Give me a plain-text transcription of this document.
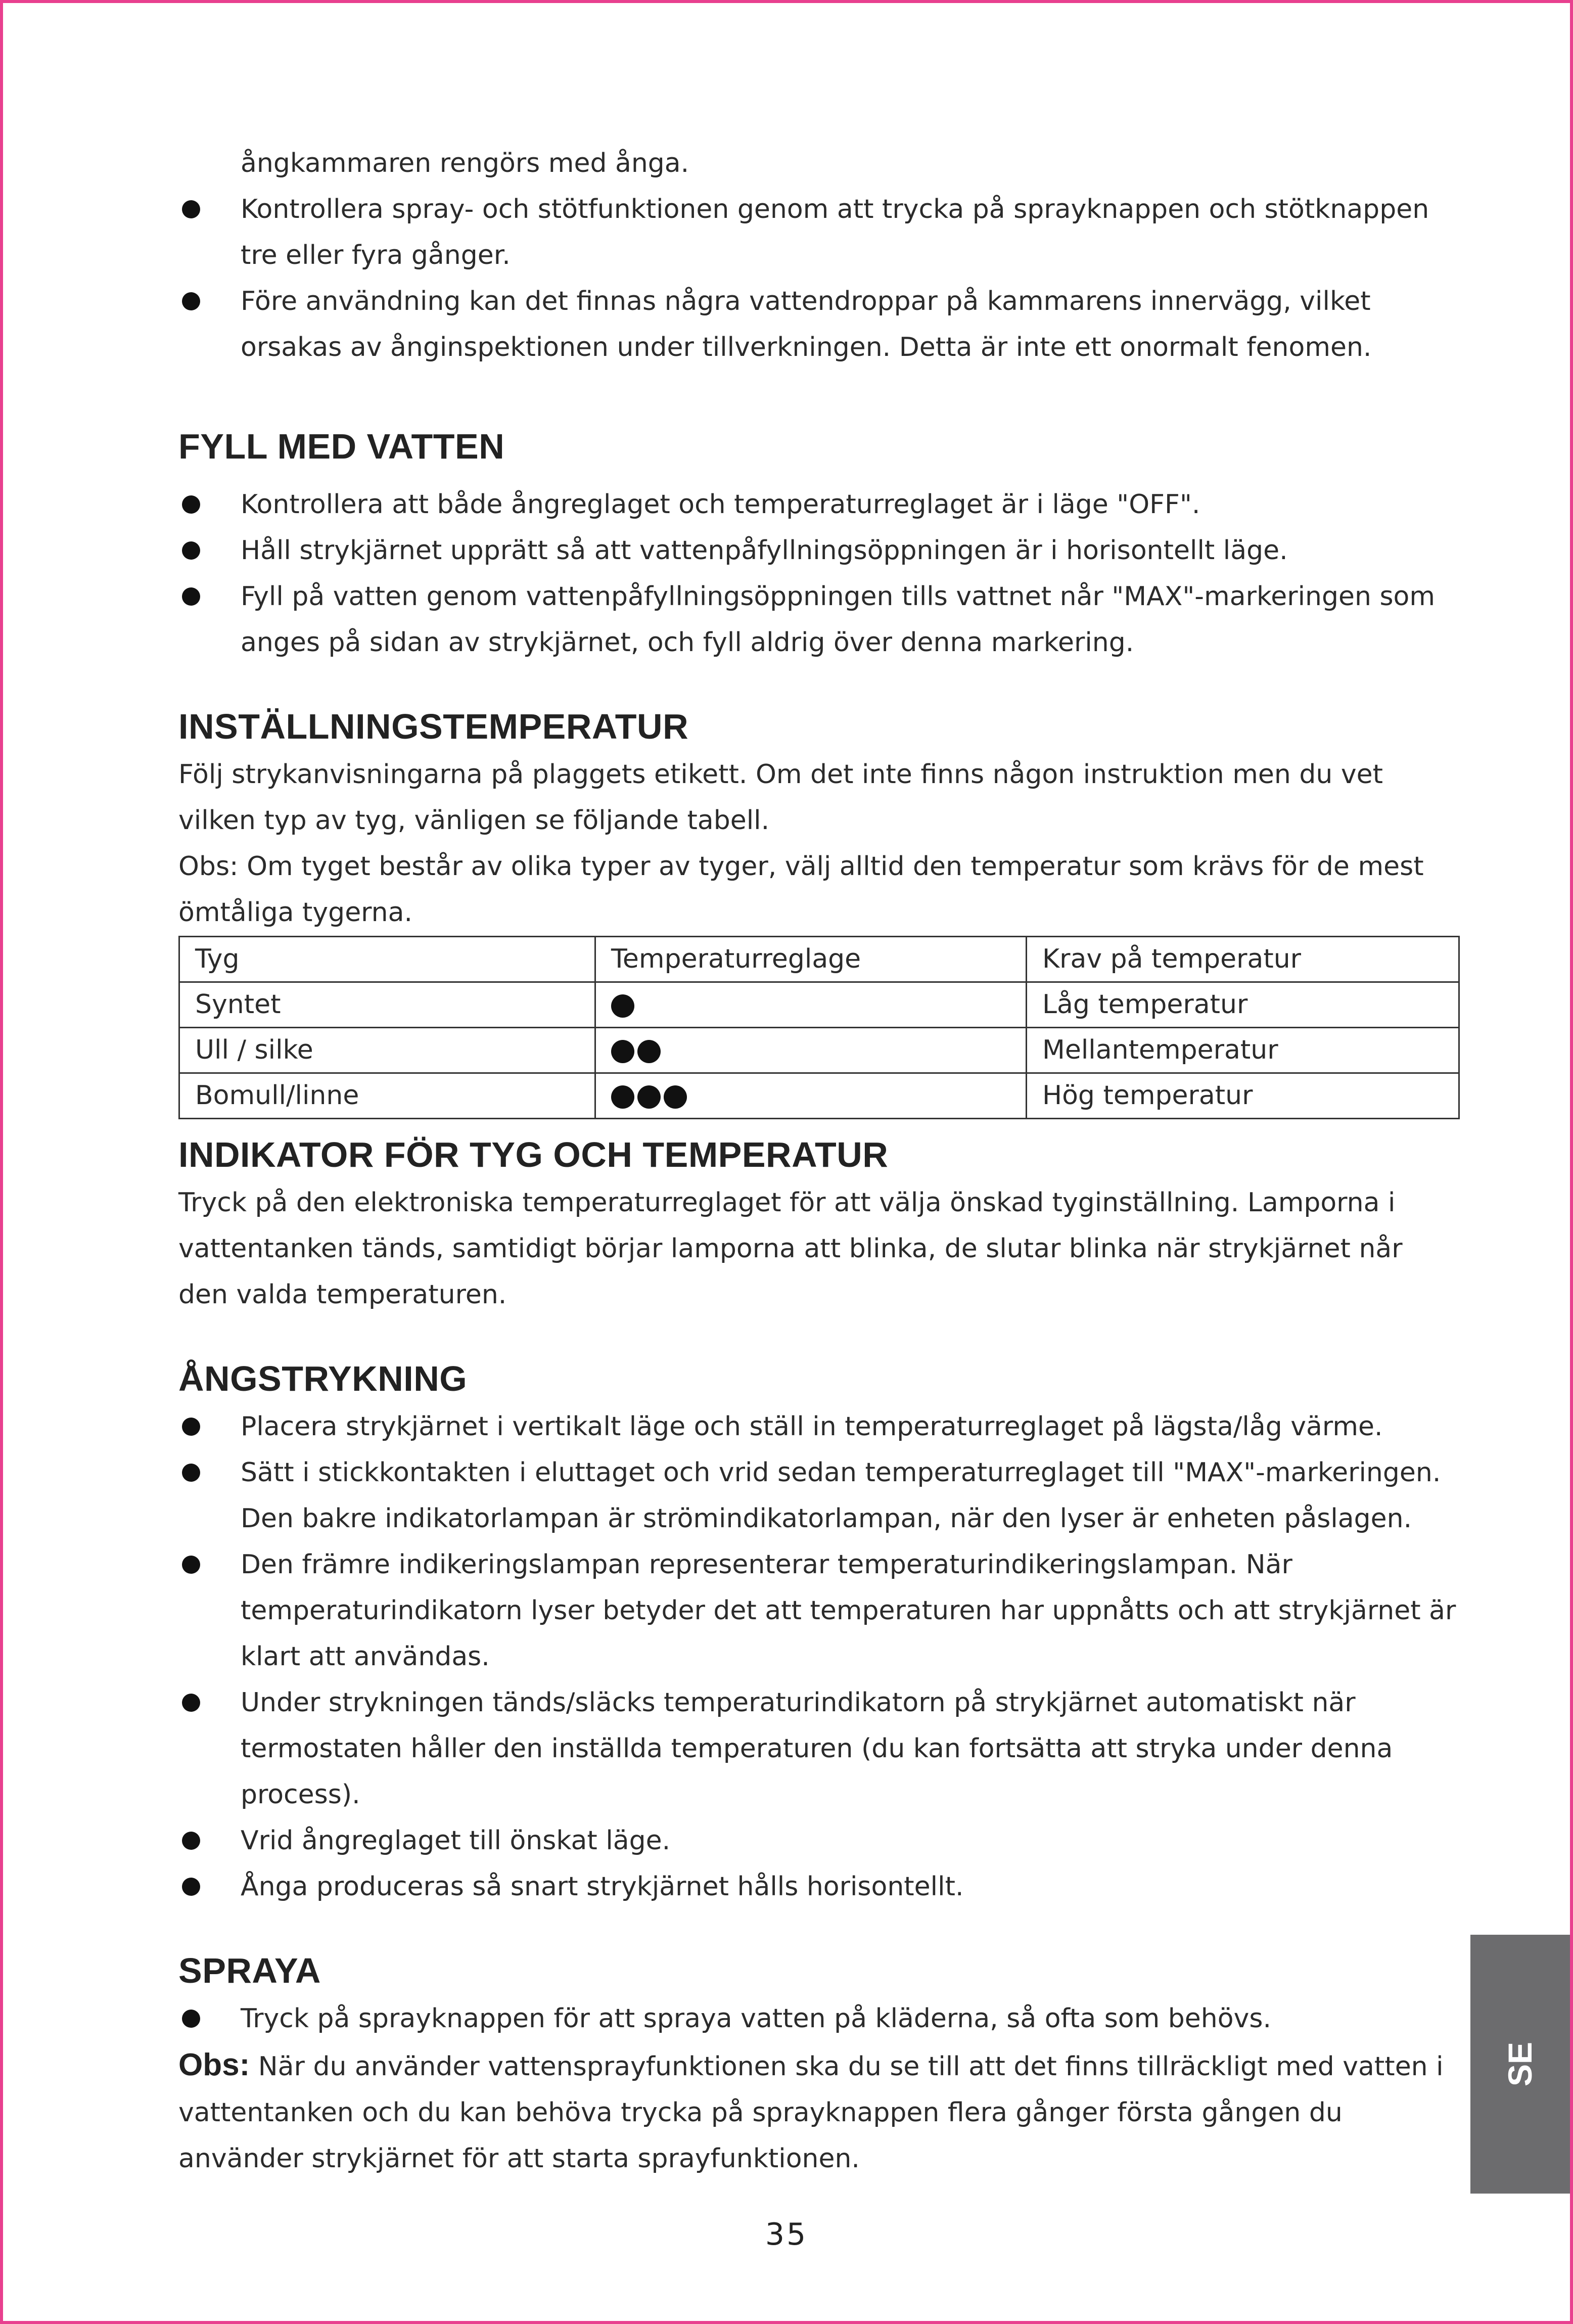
ångkammaren rengörs med ånga.

Kontrollera spray- och stötfunktionen genom att trycka på sprayknappen och stötknappen tre eller fyra gånger.
Före användning kan det finnas några vattendroppar på kammarens innervägg, vilket orsakas av ånginspektionen under tillverkningen. Detta är inte ett onormalt fenomen.
FYLL MED VATTEN
Kontrollera att både ångreglaget och temperaturreglaget är i läge "OFF".
Håll strykjärnet upprätt så att vattenpåfyllningsöppningen är i horisontellt läge.
Fyll på vatten genom vattenpåfyllningsöppningen tills vattnet når "MAX"-markeringen som anges på sidan av strykjärnet, och fyll aldrig över denna markering.
INSTÄLLNINGSTEMPERATUR

Följ strykanvisningarna på plaggets etikett. Om det inte finns någon instruktion men du vet vilken typ av tyg, vänligen se följande tabell.

Obs: Om tyget består av olika typer av tyger, välj alltid den temperatur som krävs för de mest ömtåliga tygerna.

Tyg	Temperaturreglage	Krav på temperatur
Syntet		Låg temperatur
Ull / silke		Mellantemperatur
Bomull/linne		Hög temperatur
INDIKATOR FÖR TYG OCH TEMPERATUR

Tryck på den elektroniska temperaturreglaget för att välja önskad tyginställning. Lamporna i vattentanken tänds, samtidigt börjar lamporna att blinka, de slutar blinka när strykjärnet når den valda temperaturen.

ÅNGSTRYKNING
Placera strykjärnet i vertikalt läge och ställ in temperaturreglaget på lägsta/låg värme.
Sätt i stickkontakten i eluttaget och vrid sedan temperaturreglaget till "MAX"-markeringen. Den bakre indikatorlampan är strömindikatorlampan, när den lyser är enheten påslagen.
Den främre indikeringslampan representerar temperaturindikeringslampan. När temperaturindikatorn lyser betyder det att temperaturen har uppnåtts och att strykjärnet är klart att användas.
Under strykningen tänds/släcks temperaturindikatorn på strykjärnet automatiskt när termostaten håller den inställda temperaturen (du kan fortsätta att stryka under denna process).
Vrid ångreglaget till önskat läge.
Ånga produceras så snart strykjärnet hålls horisontellt.
SPRAYA
Tryck på sprayknappen för att spraya vatten på kläderna, så ofta som behövs.

Obs: När du använder vattensprayfunktionen ska du se till att det finns tillräckligt med vatten i vattentanken och du kan behöva trycka på sprayknappen flera gånger första gången du använder strykjärnet för att starta sprayfunktionen.

SE
35
